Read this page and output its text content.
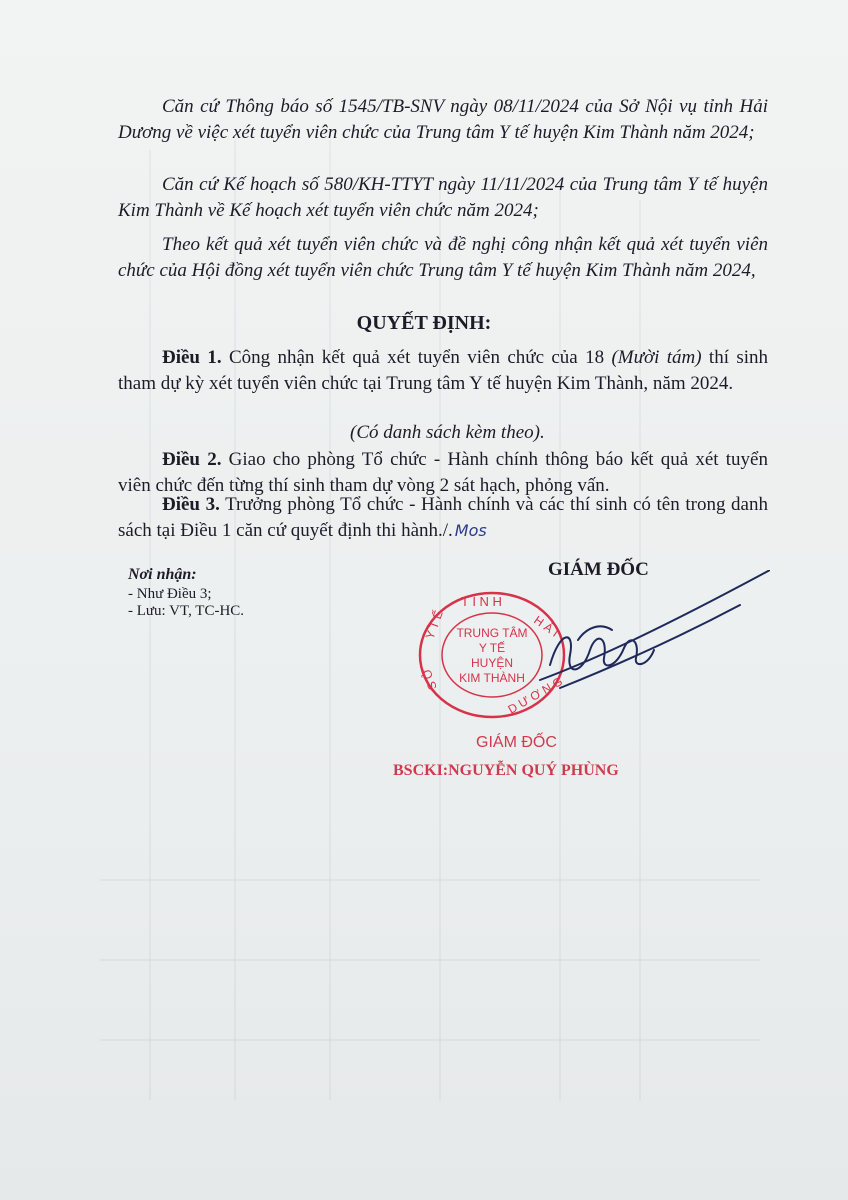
Căn cứ Thông báo số 1545/TB-SNV ngày 08/11/2024 của Sở Nội vụ tỉnh Hải Dương về việc xét tuyển viên chức của Trung tâm Y tế huyện Kim Thành năm 2024;
Căn cứ Kế hoạch số 580/KH-TTYT ngày 11/11/2024 của Trung tâm Y tế huyện Kim Thành về Kế hoạch xét tuyển viên chức năm 2024;
Theo kết quả xét tuyển viên chức và đề nghị công nhận kết quả xét tuyển viên chức của Hội đồng xét tuyển viên chức Trung tâm Y tế huyện Kim Thành năm 2024,
QUYẾT ĐỊNH:
Điều 1. Công nhận kết quả xét tuyển viên chức của 18 (Mười tám) thí sinh tham dự kỳ xét tuyển viên chức tại Trung tâm Y tế huyện Kim Thành, năm 2024.
(Có danh sách kèm theo).
Điều 2. Giao cho phòng Tổ chức - Hành chính thông báo kết quả xét tuyển viên chức đến từng thí sinh tham dự vòng 2 sát hạch, phỏng vấn.
Điều 3. Trưởng phòng Tổ chức - Hành chính và các thí sinh có tên trong danh sách tại Điều 1 căn cứ quyết định thi hành./. Mos
Nơi nhận:
- Như Điều 3;
- Lưu: VT, TC-HC.
GIÁM ĐỐC
T Ỉ N H
H Ả I
Y T Ế
S Ở	D Ư Ơ N G
TRUNG TÂM
Y TẾ
HUYỆN
KIM THÀNH
GIÁM ĐỐC
BSCKI:NGUYỄN QUÝ PHÙNG
